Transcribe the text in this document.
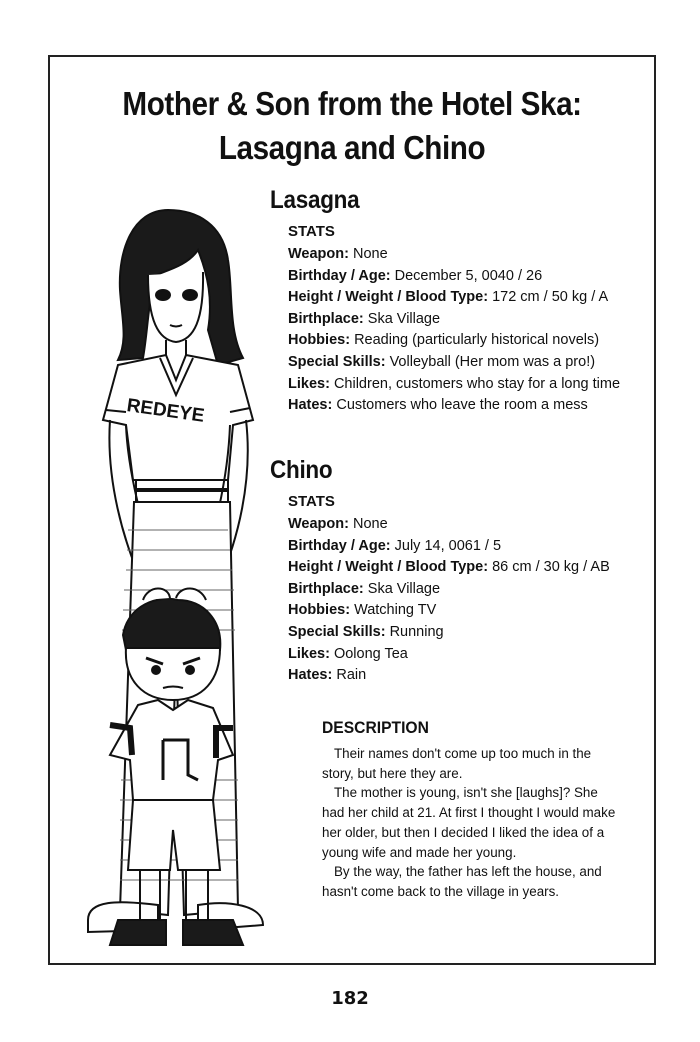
Mother & Son from the Hotel Ska:
Lasagna and Chino
REDEYE
Lasagna
STATS
Weapon: None
Birthday / Age: December 5, 0040 / 26
Height / Weight / Blood Type: 172 cm / 50 kg / A
Birthplace: Ska Village
Hobbies: Reading (particularly historical novels)
Special Skills: Volleyball (Her mom was a pro!)
Likes: Children, customers who stay for a long time
Hates: Customers who leave the room a mess
Chino
STATS
Weapon: None
Birthday / Age: July 14, 0061 / 5
Height / Weight / Blood Type: 86 cm / 30 kg / AB
Birthplace: Ska Village
Hobbies: Watching TV
Special Skills: Running
Likes: Oolong Tea
Hates: Rain
DESCRIPTION

Their names don't come up too much in the story, but here they are.

The mother is young, isn't she [laughs]? She had her child at 21. At first I thought I would make her older, but then I decided I liked the idea of a young wife and made her young.

By the way, the father has left the house, and hasn't come back to the village in years.

182
